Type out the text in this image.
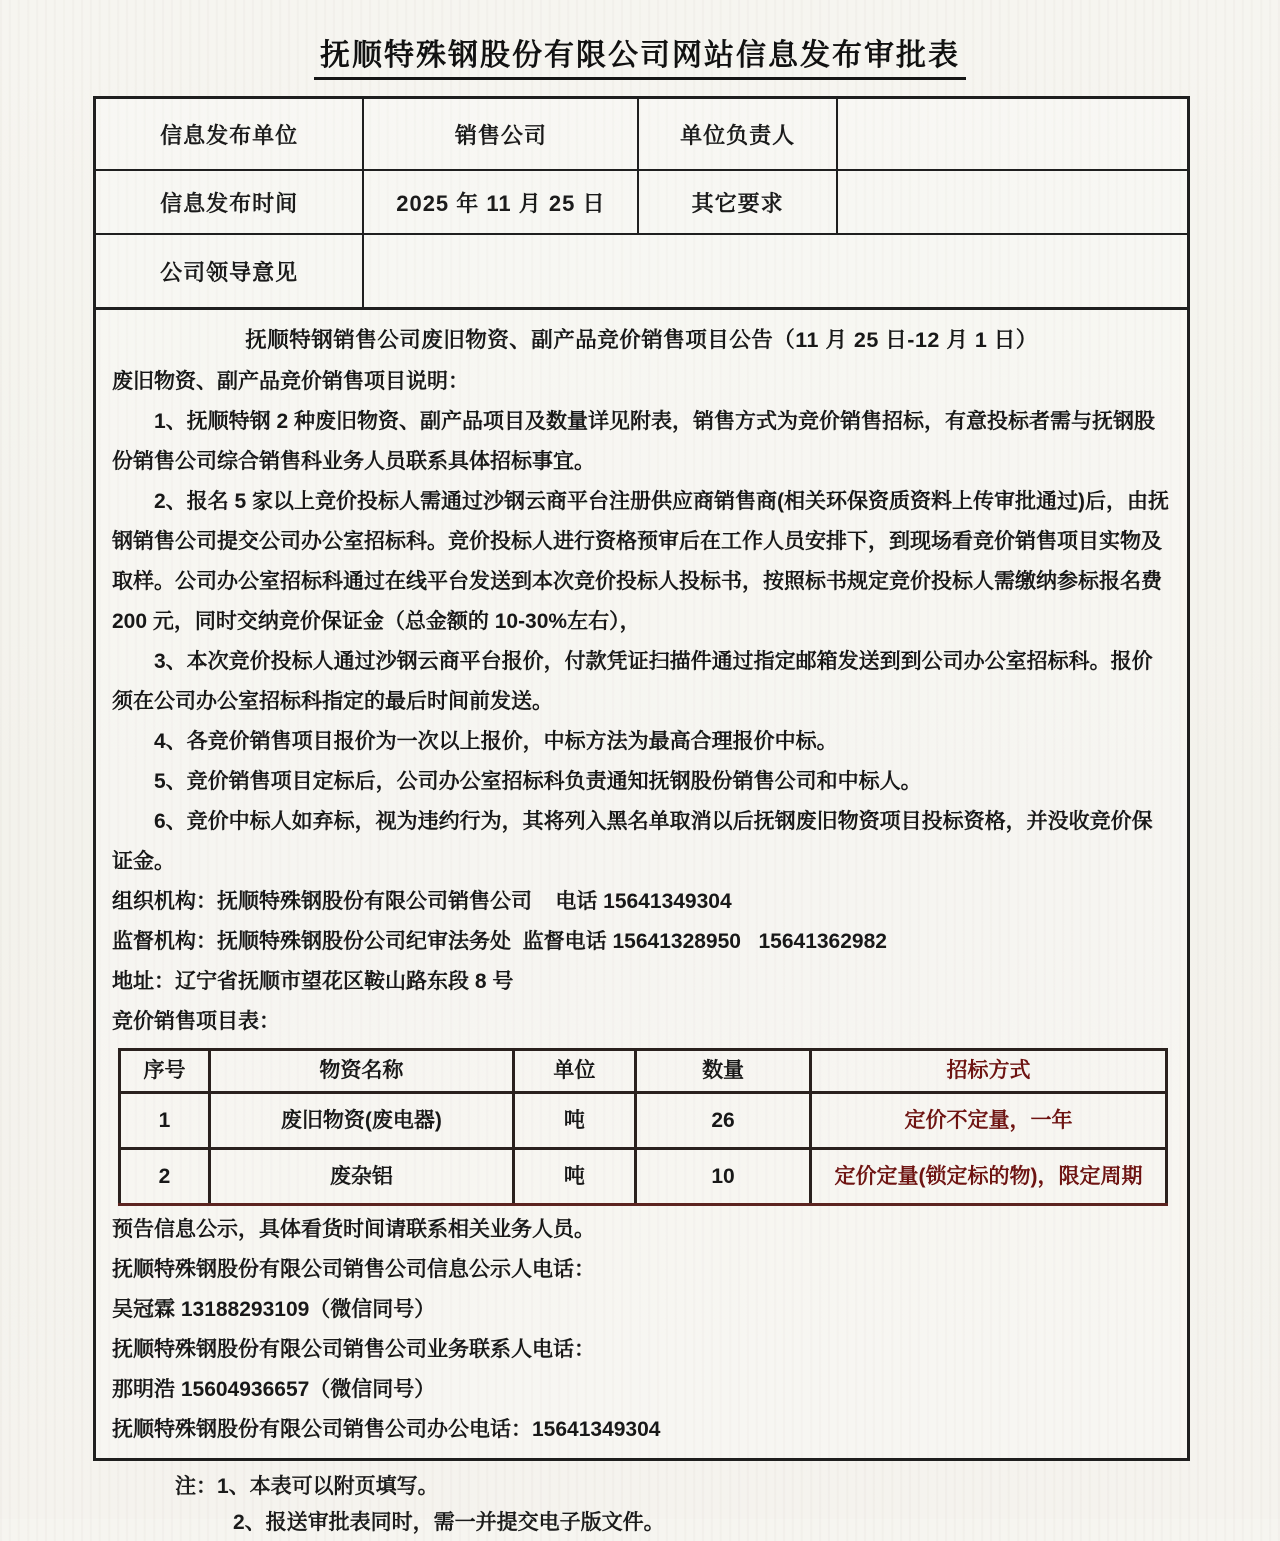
抚顺特殊钢股份有限公司网站信息发布审批表
信息发布单位	销售公司	单位负责人
信息发布时间	2025 年 11 月 25 日	其它要求
公司领导意见
抚顺特钢销售公司废旧物资、副产品竞价销售项目公告（11 月 25 日-12 月 1 日）

废旧物资、副产品竞价销售项目说明：

1、抚顺特钢 2 种废旧物资、副产品项目及数量详见附表，销售方式为竞价销售招标，有意投标者需与抚钢股份销售公司综合销售科业务人员联系具体招标事宜。

2、报名 5 家以上竞价投标人需通过沙钢云商平台注册供应商销售商(相关环保资质资料上传审批通过)后，由抚钢销售公司提交公司办公室招标科。竞价投标人进行资格预审后在工作人员安排下，到现场看竞价销售项目实物及取样。公司办公室招标科通过在线平台发送到本次竞价投标人投标书，按照标书规定竞价投标人需缴纳参标报名费 200 元，同时交纳竞价保证金（总金额的 10-30%左右），

3、本次竞价投标人通过沙钢云商平台报价，付款凭证扫描件通过指定邮箱发送到到公司办公室招标科。报价须在公司办公室招标科指定的最后时间前发送。

4、各竞价销售项目报价为一次以上报价，中标方法为最高合理报价中标。

5、竞价销售项目定标后，公司办公室招标科负责通知抚钢股份销售公司和中标人。

6、竞价中标人如弃标，视为违约行为，其将列入黑名单取消以后抚钢废旧物资项目投标资格，并没收竞价保证金。

组织机构：抚顺特殊钢股份有限公司销售公司    电话 15641349304

监督机构：抚顺特殊钢股份公司纪审法务处  监督电话 15641328950   15641362982

地址：辽宁省抚顺市望花区鞍山路东段 8 号

竞价销售项目表：

序号	物资名称	单位	数量	招标方式
1	废旧物资(废电器)	吨	26	定价不定量，一年
2	废杂铝	吨	10	定价定量(锁定标的物)，限定周期

预告信息公示，具体看货时间请联系相关业务人员。

抚顺特殊钢股份有限公司销售公司信息公示人电话：

吴冠霖 13188293109（微信同号）

抚顺特殊钢股份有限公司销售公司业务联系人电话：

那明浩 15604936657（微信同号）

抚顺特殊钢股份有限公司销售公司办公电话：15641349304

注：1、本表可以附页填写。

2、报送审批表同时，需一并提交电子版文件。
